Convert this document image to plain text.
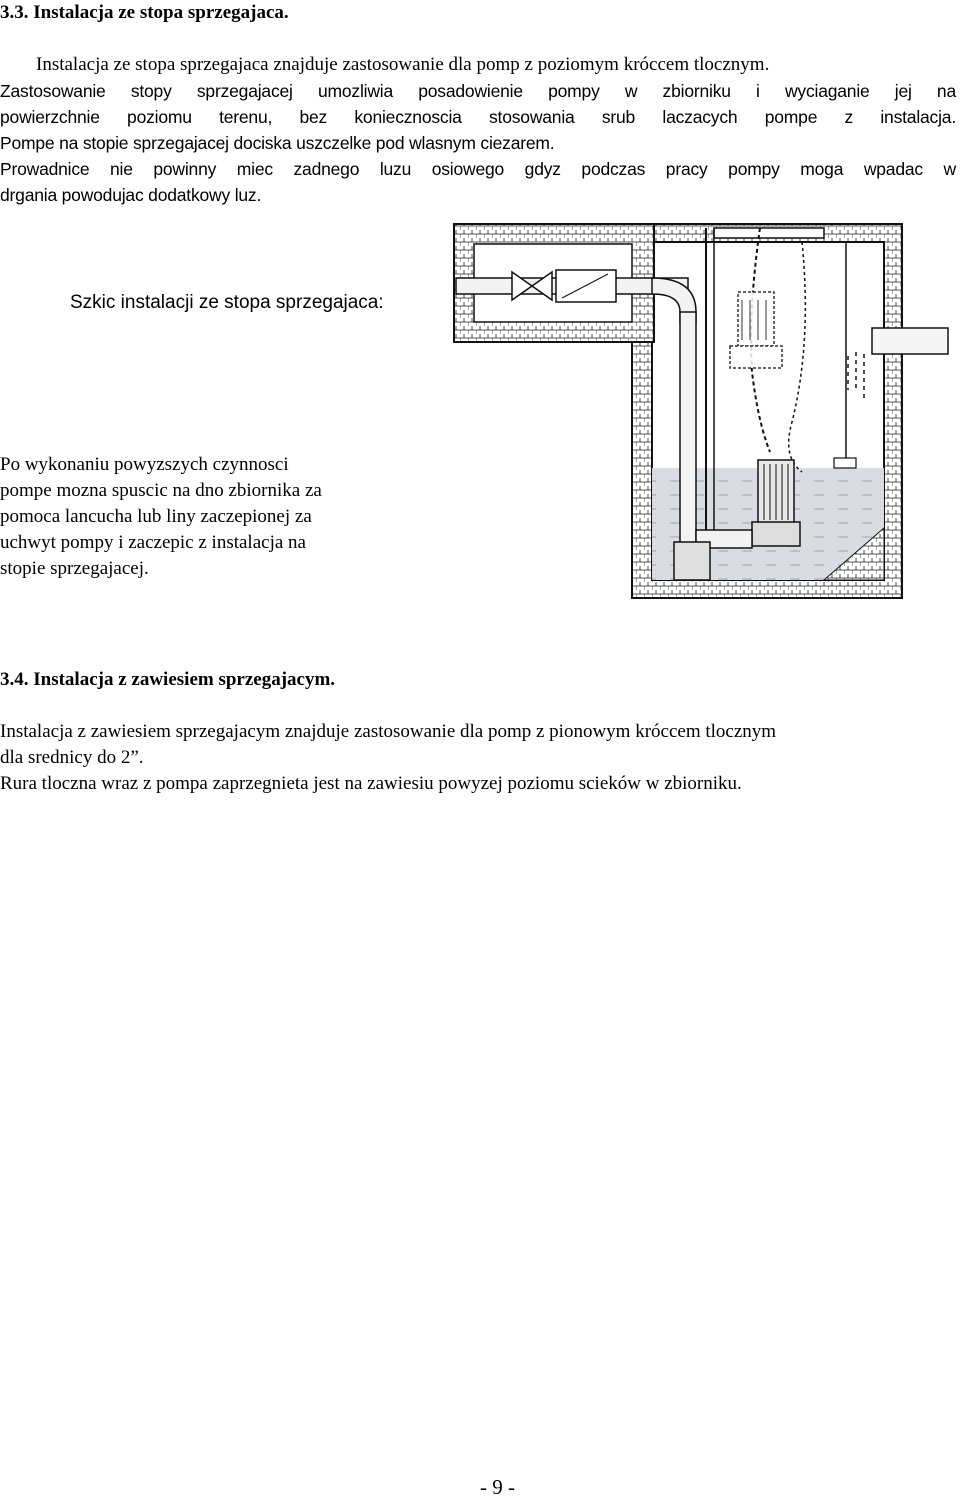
3.3. Instalacja ze stopa sprzegajaca.

Instalacja ze stopa sprzegajaca znajduje zastosowanie dla pomp z poziomym króccem tlocznym.

Zastosowanie stopy sprzegajacej umozliwia posadowienie pompy w zbiorniku i wyciaganie jej na
powierzchnie poziomu terenu, bez koniecznoscia stosowania srub laczacych pompe z instalacja.

Pompe na stopie sprzegajacej dociska uszczelke pod wlasnym ciezarem.

Prowadnice nie powinny miec zadnego luzu osiowego gdyz podczas pracy pompy moga wpadac w
drgania powodujac dodatkowy luz.

Szkic instalacji ze stopa sprzegajaca:

Po wykonaniu powyzszych czynnosci
pompe mozna spuscic na dno zbiornika za
pomoca lancucha lub liny zaczepionej za
uchwyt pompy i zaczepic z instalacja na
stopie sprzegajacej.
3.4. Instalacja z zawiesiem sprzegajacym.
Instalacja z zawiesiem sprzegajacym znajduje zastosowanie dla pomp z pionowym króccem tlocznym
dla srednicy do 2”.

Rura tloczna wraz z pompa zaprzegnieta jest na zawiesiu powyzej poziomu scieków w zbiorniku.

- 9 -
